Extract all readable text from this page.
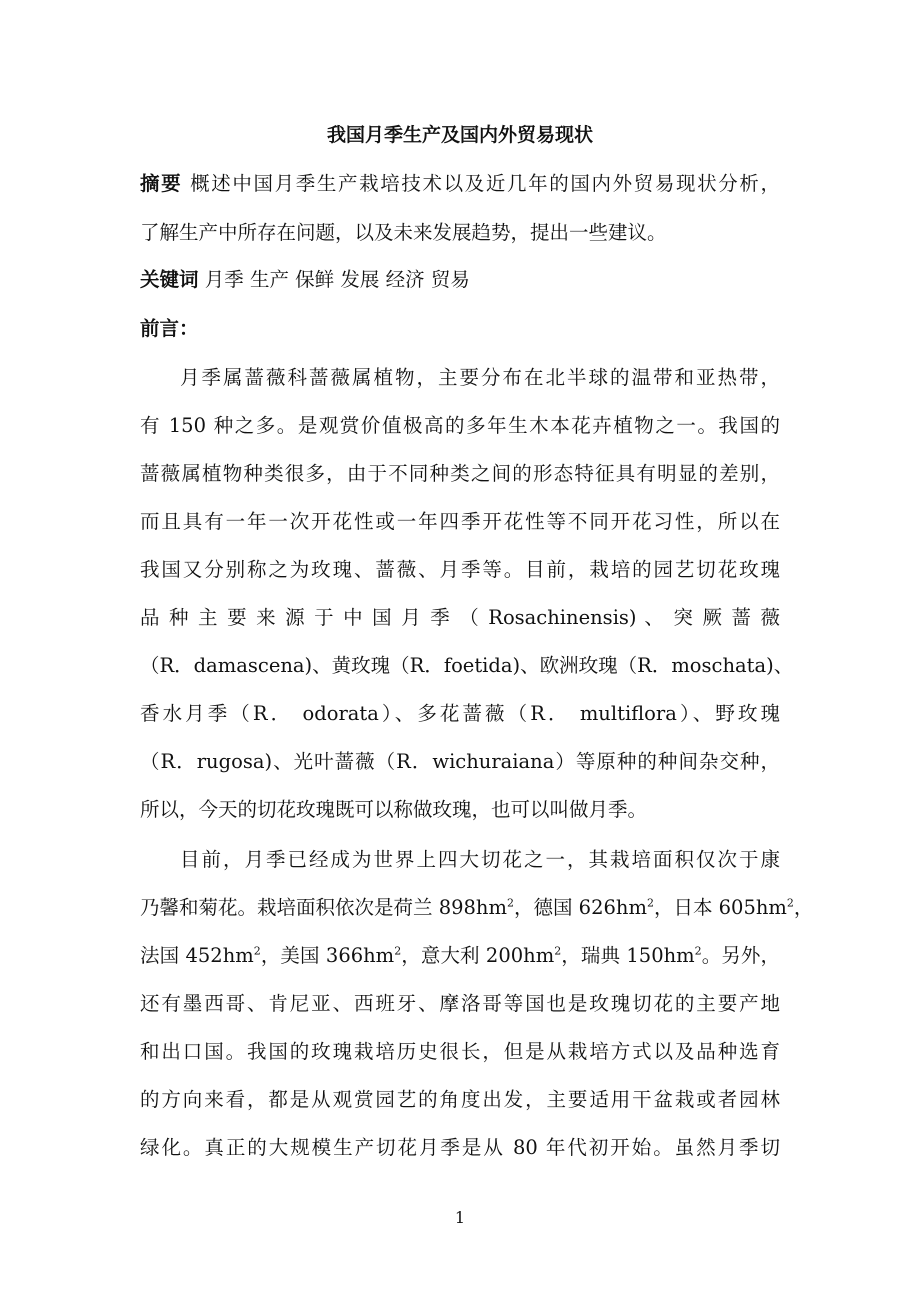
我国月季生产及国内外贸易现状
摘要 概述中国月季生产栽培技术以及近几年的国内外贸易现状分析，
了解生产中所存在问题，以及未来发展趋势，提出一些建议。
关键词 月季 生产 保鲜 发展 经济 贸易
前言：
月季属蔷薇科蔷薇属植物，主要分布在北半球的温带和亚热带，
有 150 种之多。是观赏价值极高的多年生木本花卉植物之一。我国的
蔷薇属植物种类很多，由于不同种类之间的形态特征具有明显的差别，
而且具有一年一次开花性或一年四季开花性等不同开花习性，所以在
我国又分别称之为玫瑰、蔷薇、月季等。目前，栽培的园艺切花玫瑰
品 种 主 要 来 源 于 中 国 月 季 （ Rosachinensis) 、 突 厥 蔷 薇
（R．damascena)、黄玫瑰（R．foetida)、欧洲玫瑰（R．moschata)、
香水月季（R． odorata）、多花蔷薇（R． multiflora）、野玫瑰
（R．rugosa)、光叶蔷薇（R．wichuraiana）等原种的种间杂交种，
所以，今天的切花玫瑰既可以称做玫瑰，也可以叫做月季。
目前，月季已经成为世界上四大切花之一，其栽培面积仅次于康
乃馨和菊花。栽培面积依次是荷兰 $898hm^2$，德国 $626hm^2$，日本 $605hm^2$，
法国 $452hm^2$，美国 $366hm^2$，意大利 $200hm^2$，瑞典 $150hm^2$。另外，
还有墨西哥、肯尼亚、西班牙、摩洛哥等国也是玫瑰切花的主要产地
和出口国。我国的玫瑰栽培历史很长，但是从栽培方式以及品种选育
的方向来看，都是从观赏园艺的角度出发，主要适用干盆栽或者园林
绿化。真正的大规模生产切花月季是从 80 年代初开始。虽然月季切
1
